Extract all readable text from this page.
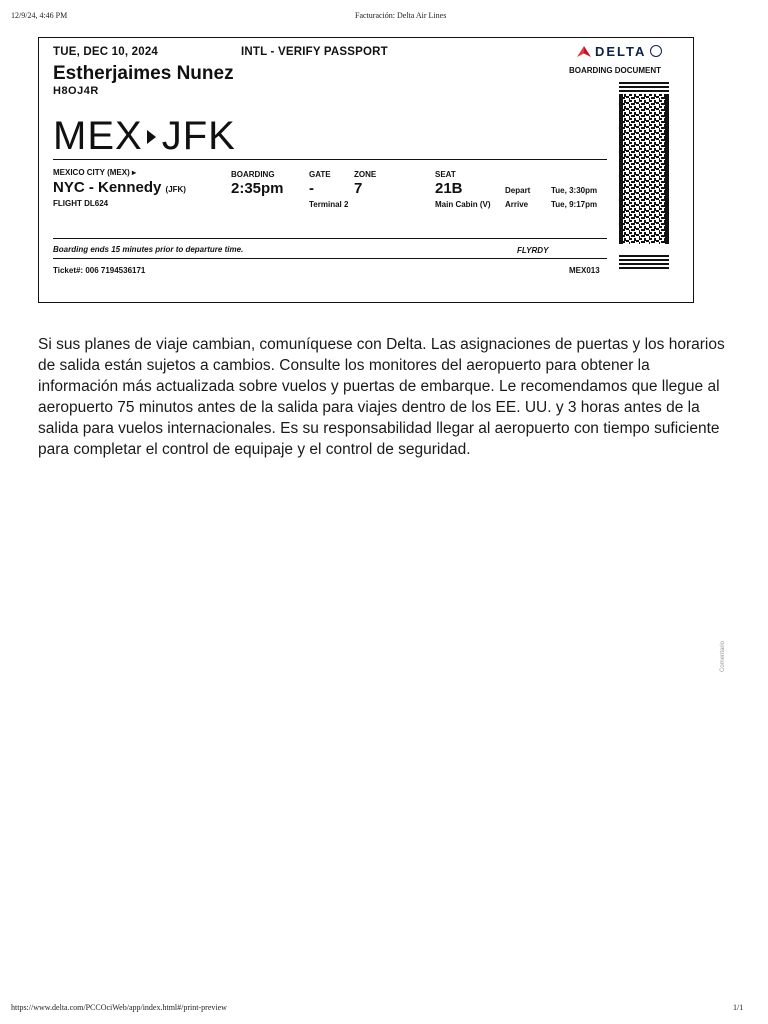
12/9/24, 4:46 PM	Facturación: Delta Air Lines
TUE, DEC 10, 2024	INTL - VERIFY PASSPORT	DELTA
BOARDING DOCUMENT
Estherjaimes Nunez
H8OJ4R
MEX JFK
MEXICO CITY (MEX) ▸
NYC - Kennedy (JFK)
FLIGHT DL624
BOARDING
2:35pm
GATE
-
Terminal 2
ZONE
7
SEAT
21B
Main Cabin (V)
Depart	Tue, 3:30pm
Arrive	Tue, 9:17pm
Boarding ends 15 minutes prior to departure time.	FLYRDY
Ticket#: 006 7194536171	MEX013
Si sus planes de viaje cambian, comuníquese con Delta. Las asignaciones de puertas y los horarios de salida están sujetos a cambios. Consulte los monitores del aeropuerto para obtener la información más actualizada sobre vuelos y puertas de embarque. Le recomendamos que llegue al aeropuerto 75 minutos antes de la salida para viajes dentro de los EE. UU. y 3 horas antes de la salida para vuelos internacionales. Es su responsabilidad llegar al aeropuerto con tiempo suficiente para completar el control de equipaje y el control de seguridad.
Comentario
https://www.delta.com/PCCOciWeb/app/index.html#/print-preview	1/1
